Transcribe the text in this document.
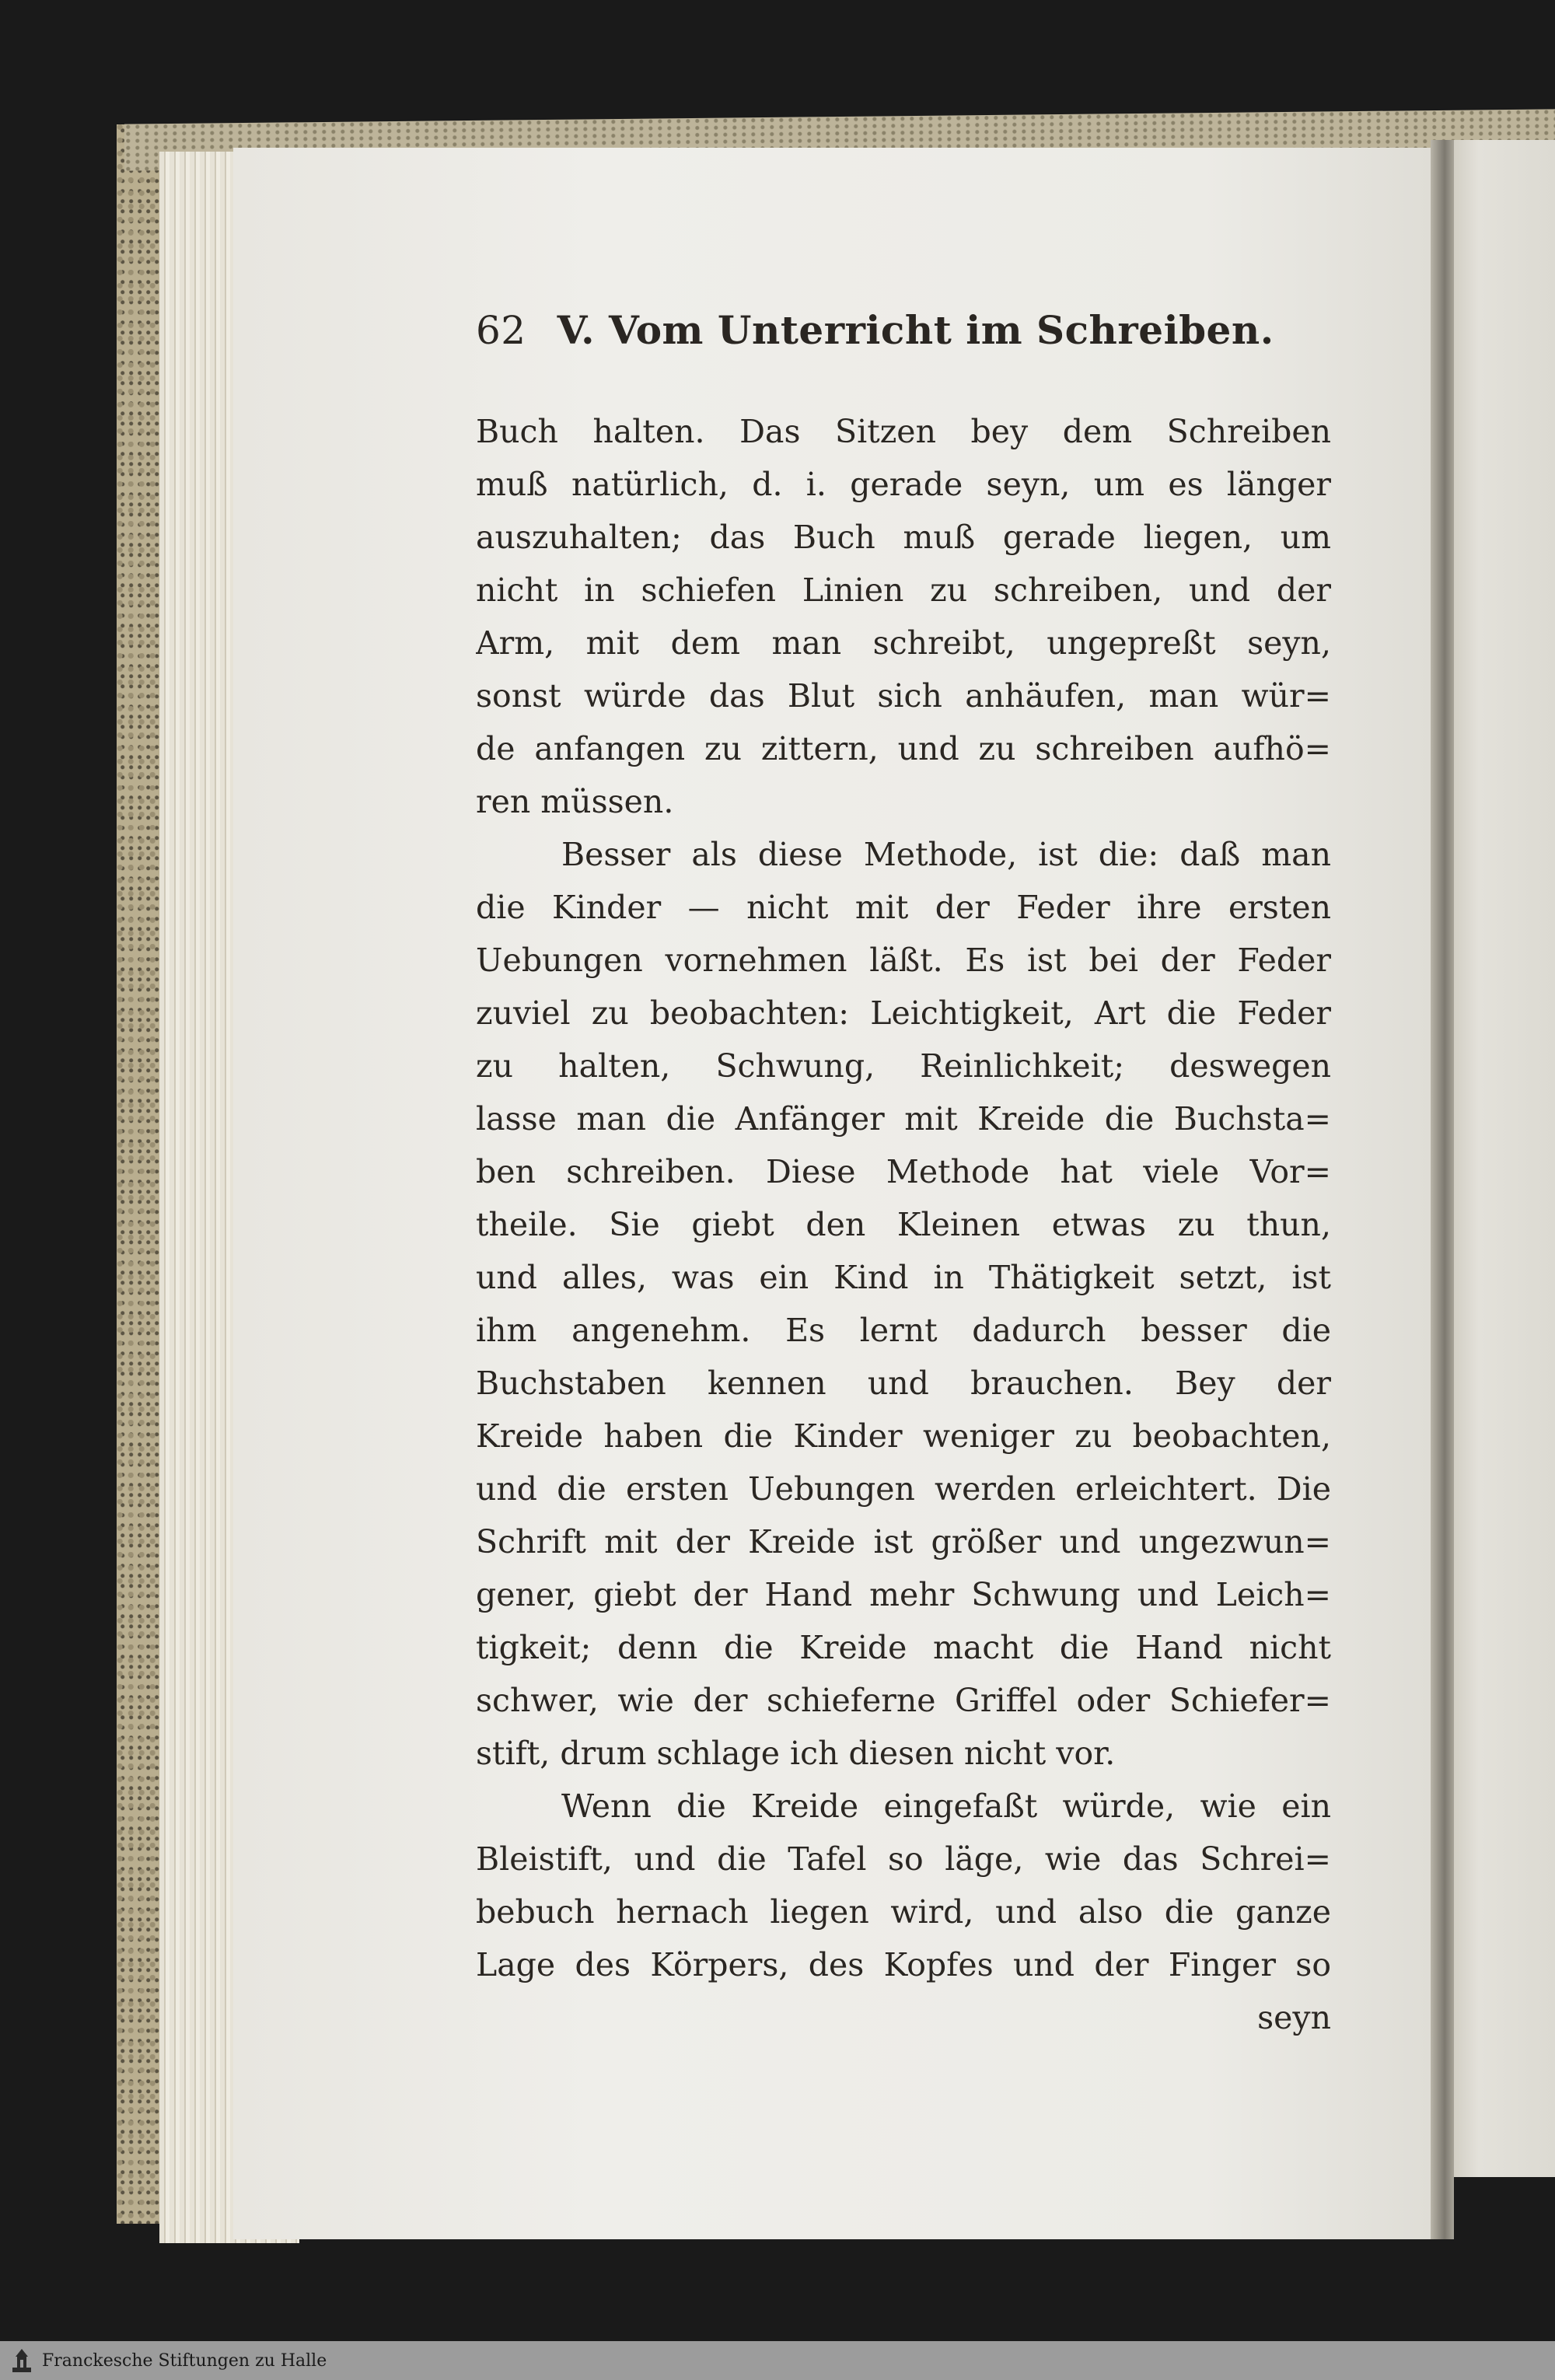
62 V. Vom Unterricht im Schreiben.
Buch halten. Das Sitzen bey dem Schreiben
muß natürlich, d. i. gerade seyn, um es länger
auszuhalten; das Buch muß gerade liegen, um
nicht in schiefen Linien zu schreiben, und der
Arm, mit dem man schreibt, ungepreßt seyn,
sonst würde das Blut sich anhäufen, man wür=
de anfangen zu zittern, und zu schreiben aufhö=
ren müssen.
Besser als diese Methode, ist die: daß man
die Kinder — nicht mit der Feder ihre ersten
Uebungen vornehmen läßt. Es ist bei der Feder
zuviel zu beobachten: Leichtigkeit, Art die Feder
zu halten, Schwung, Reinlichkeit; deswegen
lasse man die Anfänger mit Kreide die Buchsta=
ben schreiben. Diese Methode hat viele Vor=
theile. Sie giebt den Kleinen etwas zu thun,
und alles, was ein Kind in Thätigkeit setzt, ist
ihm angenehm. Es lernt dadurch besser die
Buchstaben kennen und brauchen. Bey der
Kreide haben die Kinder weniger zu beobachten,
und die ersten Uebungen werden erleichtert. Die
Schrift mit der Kreide ist größer und ungezwun=
gener, giebt der Hand mehr Schwung und Leich=
tigkeit; denn die Kreide macht die Hand nicht
schwer, wie der schieferne Griffel oder Schiefer=
stift, drum schlage ich diesen nicht vor.
Wenn die Kreide eingefaßt würde, wie ein
Bleistift, und die Tafel so läge, wie das Schrei=
bebuch hernach liegen wird, und also die ganze
Lage des Körpers, des Kopfes und der Finger so
seyn
Franckesche Stiftungen zu Halle
